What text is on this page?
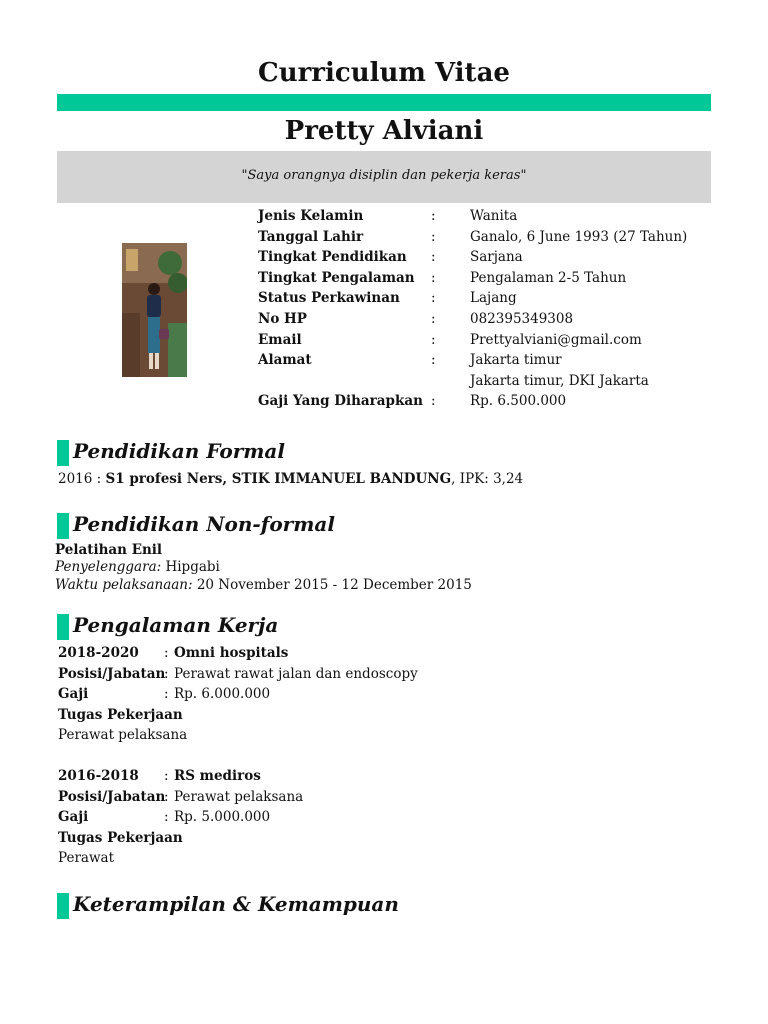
Curriculum Vitae
Pretty Alviani
"Saya orangnya disiplin dan pekerja keras"
Jenis Kelamin	:	Wanita
Tanggal Lahir	:	Ganalo, 6 June 1993 (27 Tahun)
Tingkat Pendidikan :	Sarjana
Tingkat Pengalaman :	Pengalaman 2-5 Tahun
Status Perkawinan :	Lajang
No HP	:	082395349308
Email	:	Prettyalviani@gmail.com
Alamat	:	Jakarta timur
Jakarta timur, DKI Jakarta
Gaji Yang Diharapkan :	Rp. 6.500.000
Pendidikan Formal
2016 : S1 profesi Ners, STIK IMMANUEL BANDUNG, IPK: 3,24
Pendidikan Non-formal
Pelatihan Enil
Penyelenggara: Hipgabi
Waktu pelaksanaan: 20 November 2015 - 12 December 2015
Pengalaman Kerja
2018-2020 : Omni hospitals
Posisi/Jabatan
: Perawat rawat jalan dan endoscopy
Gaji	: Rp. 6.000.000
Tugas Pekerjaan
Perawat pelaksana
2016-2018 : RS mediros
Posisi/Jabatan
: Perawat pelaksana
Gaji	: Rp. 5.000.000
Tugas Pekerjaan
Perawat
Keterampilan & Kemampuan
